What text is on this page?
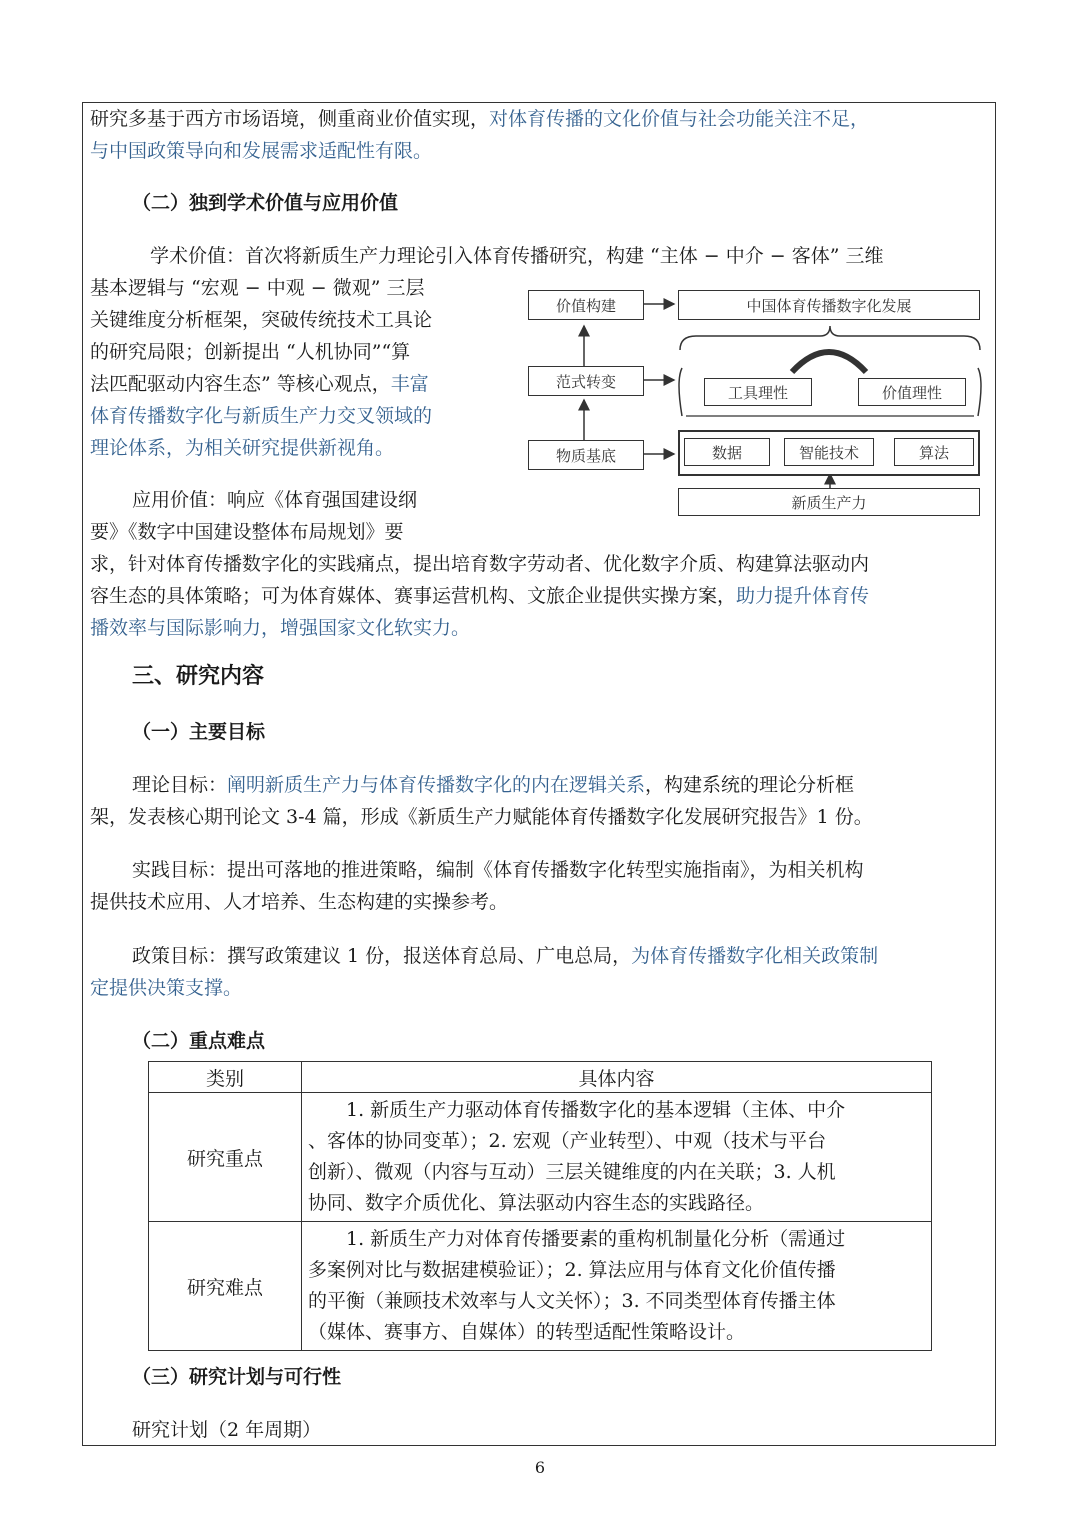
研究多基于西方市场语境，侧重商业价值实现，对体育传播的文化价值与社会功能关注不足，
与中国政策导向和发展需求适配性有限。
（二）独到学术价值与应用价值
学术价值：首次将新质生产力理论引入体育传播研究，构建 “主体 − 中介 − 客体” 三维
基本逻辑与 “宏观 − 中观 − 微观” 三层
关键维度分析框架，突破传统技术工具论
的研究局限；创新提出 “人机协同”“算
法匹配驱动内容生态” 等核心观点，丰富
体育传播数字化与新质生产力交叉领域的
理论体系，为相关研究提供新视角。
应用价值：响应《体育强国建设纲
要》《数字中国建设整体布局规划》要
求，针对体育传播数字化的实践痛点，提出培育数字劳动者、优化数字介质、构建算法驱动内
容生态的具体策略；可为体育媒体、赛事运营机构、文旅企业提供实操方案，助力提升体育传
播效率与国际影响力，增强国家文化软实力。
价值构建
范式转变
物质基底
中国体育传播数字化发展
工具理性	价值理性
数据	智能技术	算法
新质生产力
三、研究内容
（一）主要目标
理论目标：阐明新质生产力与体育传播数字化的内在逻辑关系，构建系统的理论分析框
架，发表核心期刊论文 3-4 篇，形成《新质生产力赋能体育传播数字化发展研究报告》1 份。
实践目标：提出可落地的推进策略，编制《体育传播数字化转型实施指南》，为相关机构
提供技术应用、人才培养、生态构建的实操参考。
政策目标：撰写政策建议 1 份，报送体育总局、广电总局，为体育传播数字化相关政策制
定提供决策支撑。
（二）重点难点
类别	具体内容
研究重点	　　1. 新质生产力驱动体育传播数字化的基本逻辑（主体、中介
、客体的协同变革）；2. 宏观（产业转型）、中观（技术与平台
创新）、微观（内容与互动）三层关键维度的内在关联；3. 人机
协同、数字介质优化、算法驱动内容生态的实践路径。

研究难点	　　1. 新质生产力对体育传播要素的重构机制量化分析（需通过
多案例对比与数据建模验证）；2. 算法应用与体育文化价值传播
的平衡（兼顾技术效率与人文关怀）；3. 不同类型体育传播主体
（媒体、赛事方、自媒体）的转型适配性策略设计。
（三）研究计划与可行性
研究计划（2 年周期）
6
